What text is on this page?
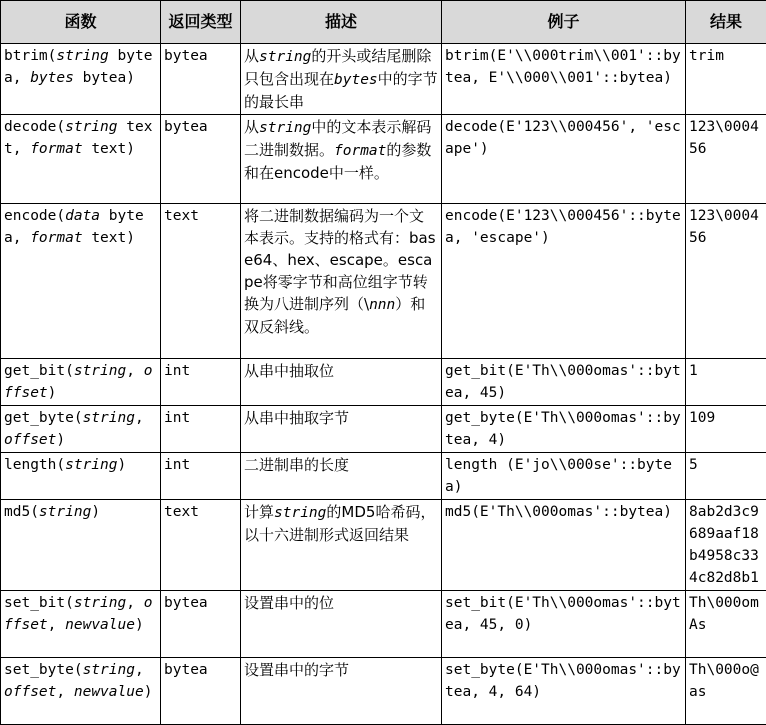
函数	返回类型	描述	例子	结果
btrim(string bytea, bytes bytea)	bytea	从string的开头或结尾删除只包含出现在bytes中的字节的最长串	btrim(E'\\000trim\\001'::bytea, E'\\000\\001'::bytea)	trim
decode(string text, format text)	bytea	从string中的文本表示解码二进制数据。format的参数和在encode中一样。	decode(E'123\\000456', 'escape')	123\000456
encode(data bytea, format text)	text	将二进制数据编码为一个文本表示。支持的格式有：base64、hex、escape。escape将零字节和高位组字节转换为八进制序列（\nnn）和双反斜线。	encode(E'123\\000456'::bytea, 'escape')	123\000456
get_bit(string, offset)	int	从串中抽取位	get_bit(E'Th\\000omas'::bytea, 45)	1
get_byte(string, offset)	int	从串中抽取字节	get_byte(E'Th\\000omas'::bytea, 4)	109
length(string)	int	二进制串的长度	length (E'jo\\000se'::bytea)	5
md5(string)	text	计算string的MD5哈希码，以十六进制形式返回结果	md5(E'Th\\000omas'::bytea)	8ab2d3c9689aaf18b4958c334c82d8b1
set_bit(string, offset, newvalue)	bytea	设置串中的位	set_bit(E'Th\\000omas'::bytea, 45, 0)	Th\000omAs
set_byte(string, offset, newvalue)	bytea	设置串中的字节	set_byte(E'Th\\000omas'::bytea, 4, 64)	Th\000o@as
